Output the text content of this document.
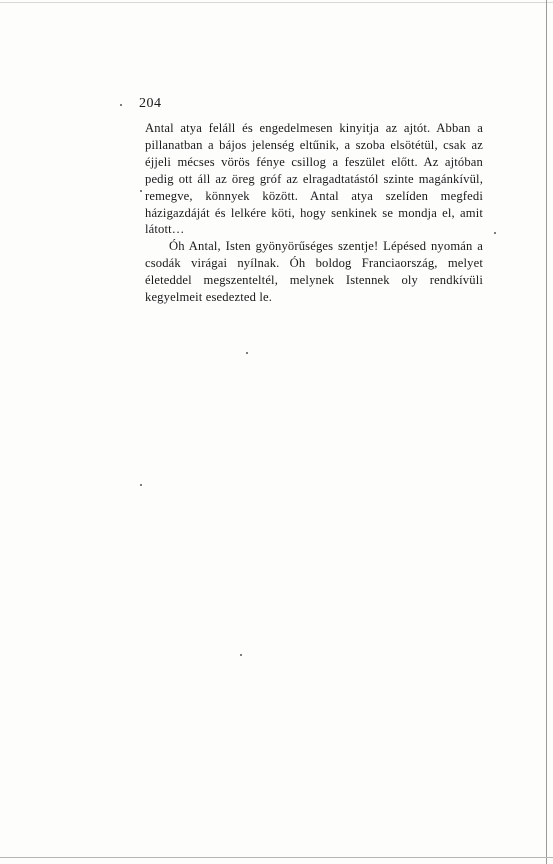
204

Antal atya feláll és engedelmesen kinyitja az ajtót. Abban a pillanatban a bájos jelenség eltűnik, a szoba elsötétül, csak az éjjeli mécses vörös fénye csillog a feszület előtt. Az ajtóban pedig ott áll az öreg gróf az elragadtatástól szinte magánkívül, remegve, könnyek között. Antal atya szelíden megfedi házigazdáját és lelkére köti, hogy senkinek se mondja el, amit látott…

Óh Antal, Isten gyönyörűséges szentje! Lépésed nyomán a csodák virágai nyílnak. Óh boldog Franciaország, melyet életeddel megszenteltél, melynek Istennek oly rendkívüli kegyelmeit esedezted le.
